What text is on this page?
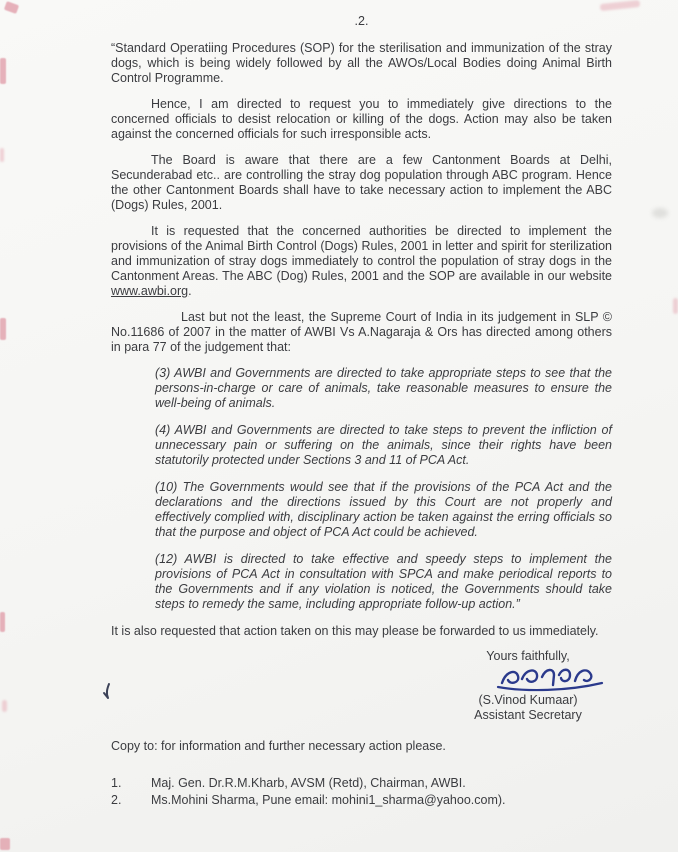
.2.

“Standard Operatiing Procedures (SOP) for the sterilisation and immunization of the stray dogs, which is being widely followed by all the AWOs/Local Bodies doing Animal Birth Control Programme.

Hence, I am directed to request you to immediately give directions to the concerned officials to desist relocation or killing of the dogs. Action may also be taken against the concerned officials for such irresponsible acts.

The Board is aware that there are a few Cantonment Boards at Delhi, Secunderabad etc.. are controlling the stray dog population through ABC program. Hence the other Cantonment Boards shall have to take necessary action to implement the ABC (Dogs) Rules, 2001.

It is requested that the concerned authorities be directed to implement the provisions of the Animal Birth Control (Dogs) Rules, 2001 in letter and spirit for sterilization and immunization of stray dogs immediately to control the population of stray dogs in the Cantonment Areas. The ABC (Dog) Rules, 2001 and the SOP are available in our website www.awbi.org.

Last but not the least, the Supreme Court of India in its judgement in SLP © No.11686 of 2007 in the matter of AWBI Vs A.Nagaraja & Ors has directed among others in para 77 of the judgement that:

(3) AWBI and Governments are directed to take appropriate steps to see that the persons-in-charge or care of animals, take reasonable measures to ensure the well-being of animals.

(4) AWBI and Governments are directed to take steps to prevent the infliction of unnecessary pain or suffering on the animals, since their rights have been statutorily protected under Sections 3 and 11 of PCA Act.

(10) The Governments would see that if the provisions of the PCA Act and the declarations and the directions issued by this Court are not properly and effectively complied with, disciplinary action be taken against the erring officials so that the purpose and object of PCA Act could be achieved.

(12) AWBI is directed to take effective and speedy steps to implement the provisions of PCA Act in consultation with SPCA and make periodical reports to the Governments and if any violation is noticed, the Governments should take steps to remedy the same, including appropriate follow-up action.”

It is also requested that action taken on this may please be forwarded to us immediately.

Yours faithfully,
(S.Vinod Kumaar)
Assistant Secretary
Copy to: for information and further necessary action please.
1.	Maj. Gen. Dr.R.M.Kharb, AVSM (Retd), Chairman, AWBI.
2.	Ms.Mohini Sharma, Pune email: mohini1_sharma@yahoo.com).
